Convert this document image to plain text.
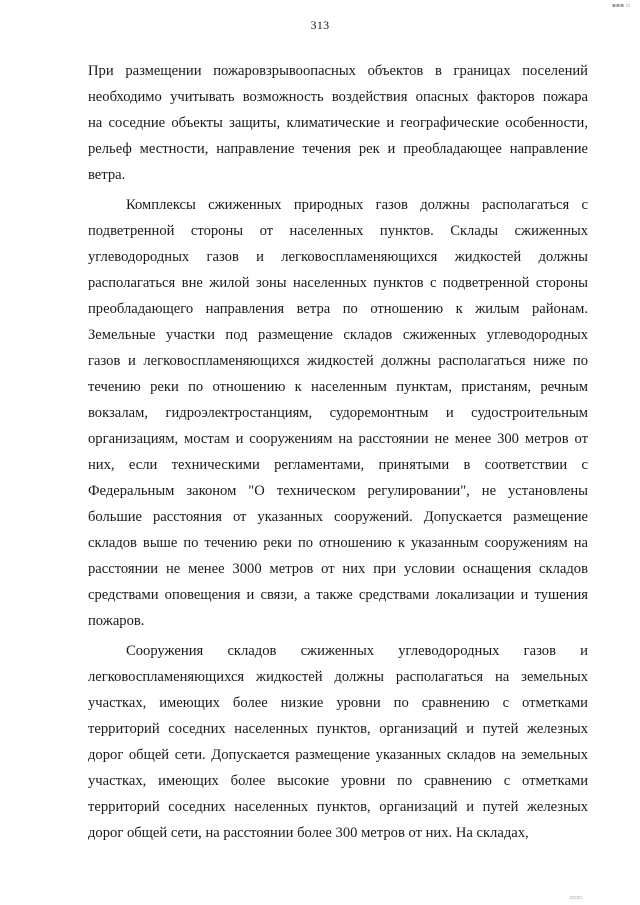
▪▪▪ ▫
313
При размещении пожаровзрывоопасных объектов в границах поселений
необходимо учитывать возможность воздействия опасных факторов пожара
на соседние объекты защиты, климатические и географические особенности,
рельеф местности, направление течения рек и преобладающее направление
ветра.
Комплексы сжиженных природных газов должны располагаться с
подветренной стороны от населенных пунктов. Склады сжиженных
углеводородных газов и легковоспламеняющихся жидкостей должны
располагаться вне жилой зоны населенных пунктов с подветренной стороны
преобладающего направления ветра по отношению к жилым районам.
Земельные участки под размещение складов сжиженных углеводородных
газов и легковоспламеняющихся жидкостей должны располагаться ниже по
течению реки по отношению к населенным пунктам, пристаням, речным
вокзалам, гидроэлектростанциям, судоремонтным и судостроительным
организациям, мостам и сооружениям на расстоянии не менее 300 метров от
них, если техническими регламентами, принятыми в соответствии с
Федеральным законом "О техническом регулировании", не установлены
большие расстояния от указанных сооружений. Допускается размещение
складов выше по течению реки по отношению к указанным сооружениям на
расстоянии не менее 3000 метров от них при условии оснащения складов
средствами оповещения и связи, а также средствами локализации и тушения
пожаров.
Сооружения складов сжиженных углеводородных газов и
легковоспламеняющихся жидкостей должны располагаться на земельных
участках, имеющих более низкие уровни по сравнению с отметками
территорий соседних населенных пунктов, организаций и путей железных
дорог общей сети. Допускается размещение указанных складов на земельных
участках, имеющих более высокие уровни по сравнению с отметками
территорий соседних населенных пунктов, организаций и путей железных
дорог общей сети, на расстоянии более 300 метров от них. На складах,
▫▫▫
